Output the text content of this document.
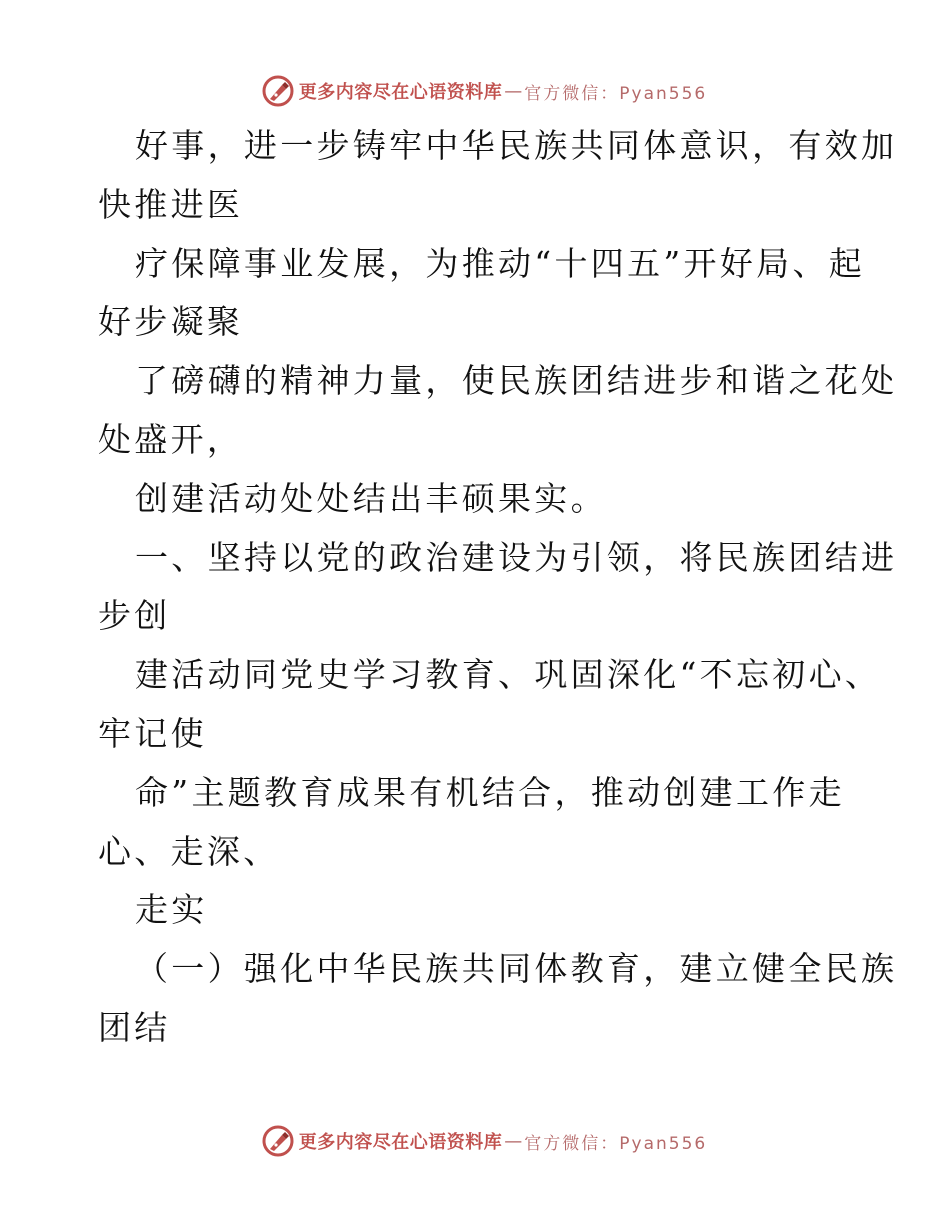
更多内容尽在心语资料库 — 官方微信：Pyan556
好事，进一步铸牢中华民族共同体意识，有效加
快推进医
疗保障事业发展，为推动“十四五”开好局、起
好步凝聚
了磅礴的精神力量，使民族团结进步和谐之花处
处盛开，
创建活动处处结出丰硕果实。
一、坚持以党的政治建设为引领，将民族团结进
步创
建活动同党史学习教育、巩固深化“不忘初心、
牢记使
命”主题教育成果有机结合，推动创建工作走
心、走深、
走实
（一）强化中华民族共同体教育，建立健全民族
团结
更多内容尽在心语资料库 — 官方微信：Pyan556
